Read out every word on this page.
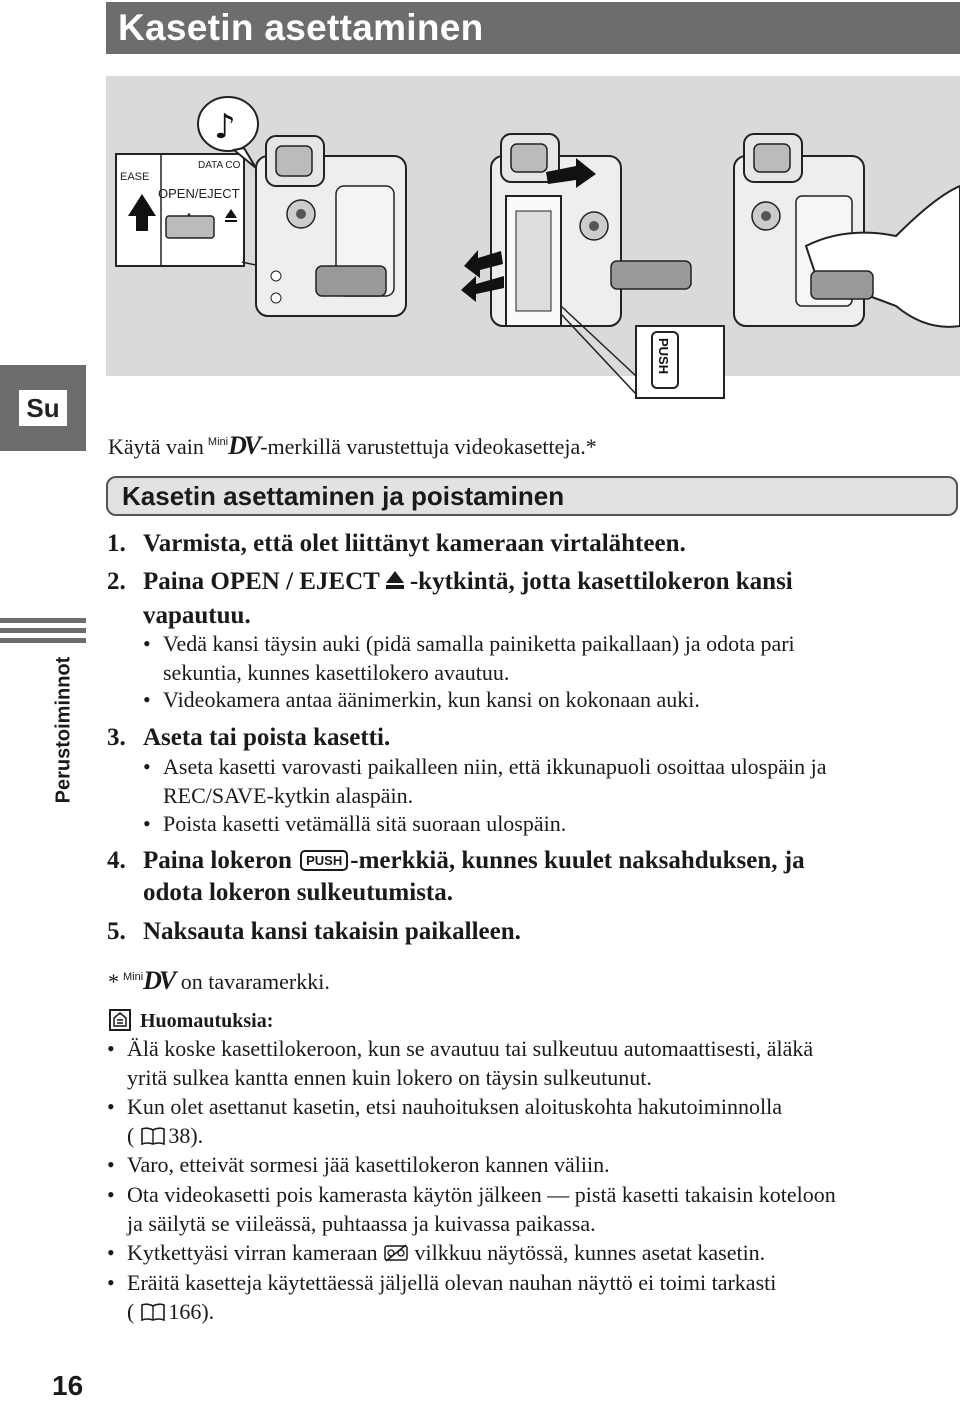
Kasetin asettaminen
EASE
DATA CO
OPEN/EJECT
♪
PUSH
Su
Perustoiminnot
16
Käytä vain $^{Mini}$DV-merkillä varustettuja videokasetteja.*
Kasetin asettaminen ja poistaminen
1. Varmista, että olet liittänyt kameraan virtalähteen.
2. Paina OPEN / EJECT -kytkintä, jotta kasettilokeron kansi
vapautuu.
• Vedä kansi täysin auki (pidä samalla painiketta paikallaan) ja odota pari
sekuntia, kunnes kasettilokero avautuu.
• Videokamera antaa äänimerkin, kun kansi on kokonaan auki.
3. Aseta tai poista kasetti.
• Aseta kasetti varovasti paikalleen niin, että ikkunapuoli osoittaa ulospäin ja
REC/SAVE-kytkin alaspäin.
• Poista kasetti vetämällä sitä suoraan ulospäin.
4. Paina lokeron PUSH -merkkiä, kunnes kuulet naksahduksen, ja
odota lokeron sulkeutumista.
5. Naksauta kansi takaisin paikalleen.
* $^{Mini}$DV on tavaramerkki.
Huomautuksia:
• Älä koske kasettilokeroon, kun se avautuu tai sulkeutuu automaattisesti, äläkä
yritä sulkea kantta ennen kuin lokero on täysin sulkeutunut.
• Kun olet asettanut kasetin, etsi nauhoituksen aloituskohta hakutoiminnolla
( 38).
• Varo, etteivät sormesi jää kasettilokeron kannen väliin.
• Ota videokasetti pois kamerasta käytön jälkeen — pistä kasetti takaisin koteloon
ja säilytä se viileässä, puhtaassa ja kuivassa paikassa.
• Kytkettyäsi virran kameraan vilkkuu näytössä, kunnes asetat kasetin.
• Eräitä kasetteja käytettäessä jäljellä olevan nauhan näyttö ei toimi tarkasti
( 166).
